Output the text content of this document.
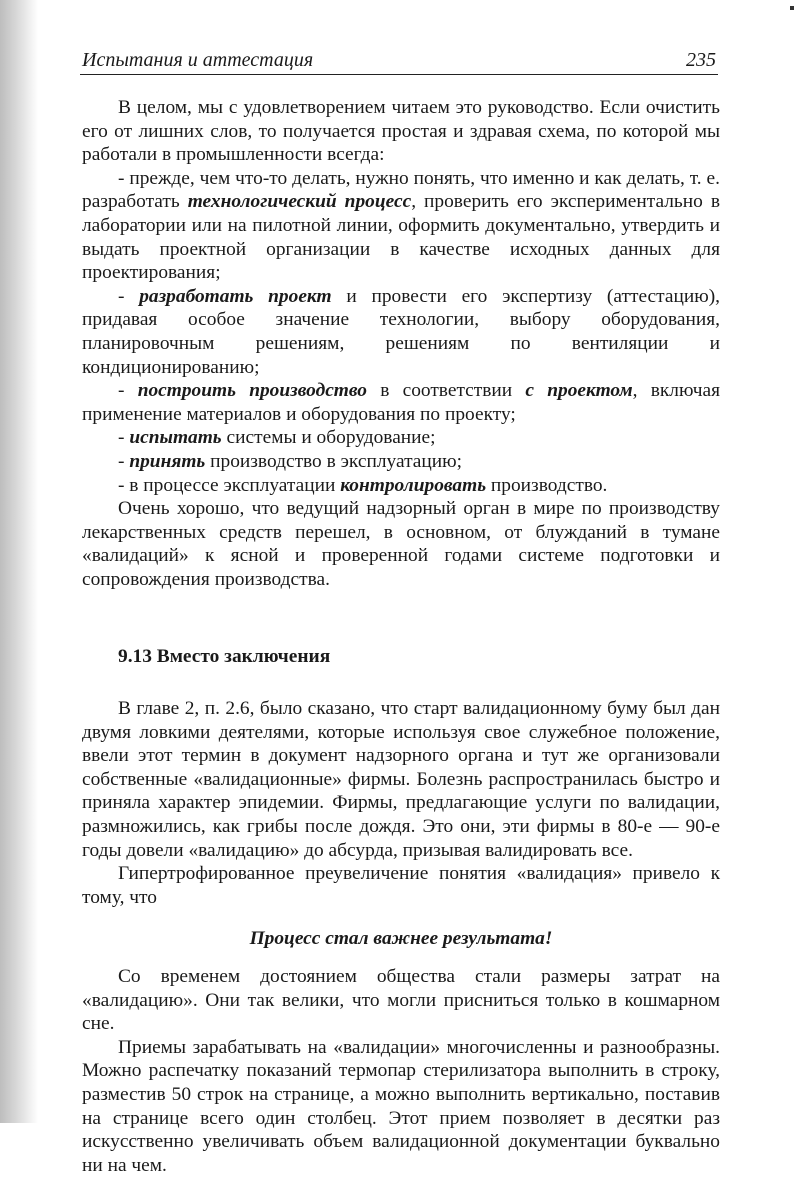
Испытания и аттестация	235

В целом, мы с удовлетворением читаем это руководство. Если очистить его от лишних слов, то получается простая и здравая схема, по которой мы работали в промышленности всегда:

- прежде, чем что-то делать, нужно понять, что именно и как делать, т. е. разработать технологический процесс, проверить его экспериментально в лаборатории или на пилотной линии, оформить документально, утвердить и выдать проектной организации в качестве исходных данных для проектирования;

- разработать проект и провести его экспертизу (аттестацию), придавая особое значение технологии, выбору оборудования, планировочным решениям, решениям по вентиляции и кондиционированию;

- построить производство в соответствии с проектом, включая применение материалов и оборудования по проекту;

- испытать системы и оборудование;

- принять производство в эксплуатацию;

- в процессе эксплуатации контролировать производство.

Очень хорошо, что ведущий надзорный орган в мире по производству лекарственных средств перешел, в основном, от блужданий в тумане «валидаций» к ясной и проверенной годами системе подготовки и сопровождения производства.

9.13 Вместо заключения

В главе 2, п. 2.6, было сказано, что старт валидационному буму был дан двумя ловкими деятелями, которые используя свое служебное положение, ввели этот термин в документ надзорного органа и тут же организовали собственные «валидационные» фирмы. Болезнь распространилась быстро и приняла характер эпидемии. Фирмы, предлагающие услуги по валидации, размножились, как грибы после дождя. Это они, эти фирмы в 80-е — 90-е годы довели «валидацию» до абсурда, призывая валидировать все.

Гипертрофированное преувеличение понятия «валидация» привело к тому, что

Процесс стал важнее результата!

Со временем достоянием общества стали размеры затрат на «валидацию». Они так велики, что могли присниться только в кошмарном сне.

Приемы зарабатывать на «валидации» многочисленны и разнообразны. Можно распечатку показаний термопар стерилизатора выполнить в строку, разместив 50 строк на странице, а можно выполнить вертикально, поставив на странице всего один столбец. Этот прием позволяет в десятки раз искусственно увеличивать объем валидационной документации буквально ни на чем.
